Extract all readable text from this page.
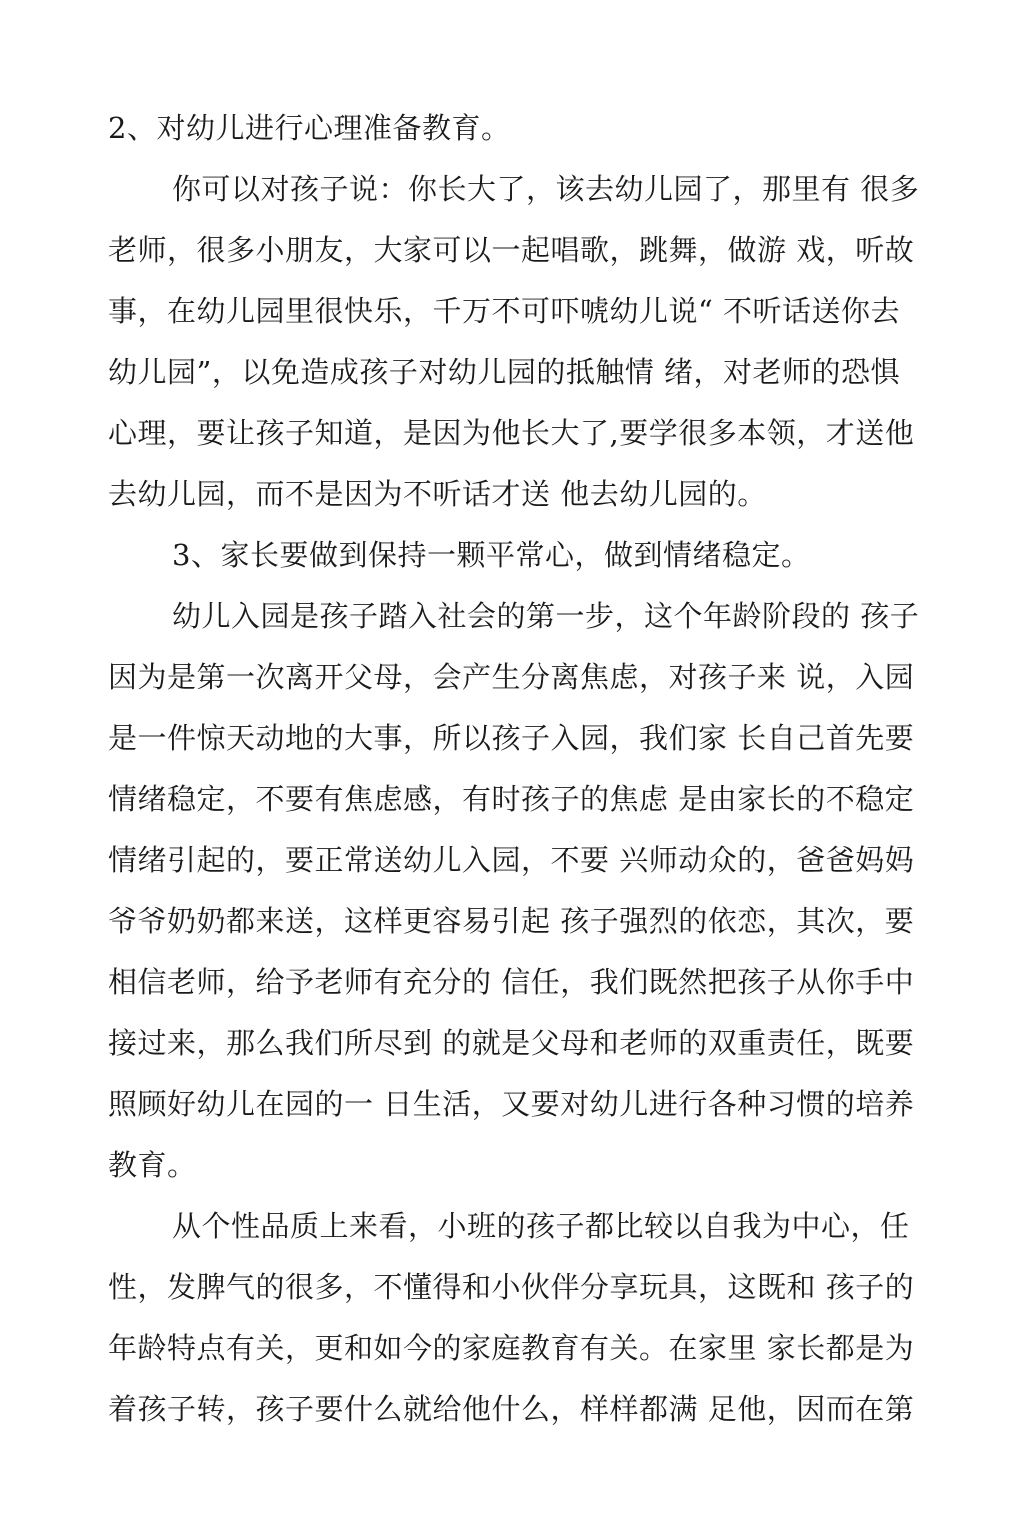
2、对幼儿进行心理准备教育。
你可以对孩子说：你长大了，该去幼儿园了，那里有 很多
老师，很多小朋友，大家可以一起唱歌，跳舞，做游 戏，听故
事，在幼儿园里很快乐，千万不可吓唬幼儿说“ 不听话送你去
幼儿园”，以免造成孩子对幼儿园的抵触情 绪，对老师的恐惧
心理，要让孩子知道，是因为他长大了,要学很多本领，才送他
去幼儿园，而不是因为不听话才送 他去幼儿园的。
3、家长要做到保持一颗平常心，做到情绪稳定。
幼儿入园是孩子踏入社会的第一步，这个年龄阶段的 孩子
因为是第一次离开父母，会产生分离焦虑，对孩子来 说，入园
是一件惊天动地的大事，所以孩子入园，我们家 长自己首先要
情绪稳定，不要有焦虑感，有时孩子的焦虑 是由家长的不稳定
情绪引起的，要正常送幼儿入园，不要 兴师动众的，爸爸妈妈
爷爷奶奶都来送，这样更容易引起 孩子强烈的依恋，其次，要
相信老师，给予老师有充分的 信任，我们既然把孩子从你手中
接过来，那么我们所尽到 的就是父母和老师的双重责任，既要
照顾好幼儿在园的一 日生活，又要对幼儿进行各种习惯的培养
教育。
从个性品质上来看，小班的孩子都比较以自我为中心，任
性，发脾气的很多，不懂得和小伙伴分享玩具，这既和 孩子的
年龄特点有关，更和如今的家庭教育有关。在家里 家长都是为
着孩子转，孩子要什么就给他什么，样样都满 足他，因而在第
